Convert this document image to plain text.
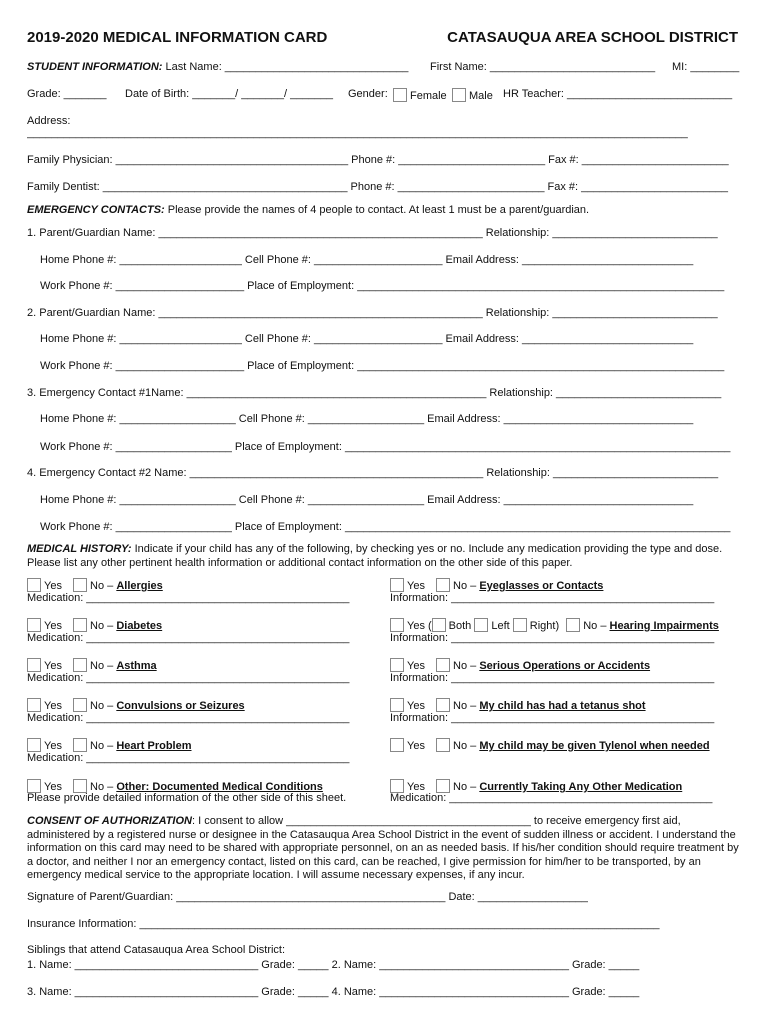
2019-2020 MEDICAL INFORMATION CARD	CATASAUQUA AREA SCHOOL DISTRICT
STUDENT INFORMATION: Last Name: ______________________________ First Name: ___________________________ MI: ________
Grade: _______ Date of Birth: _______/ _______/ _______ Gender:	Female	Male HR Teacher: ___________________________
Address:
____________________________________________________________________________________________________________
Family Physician: ______________________________________ Phone #: ________________________ Fax #: ________________________
Family Dentist: ________________________________________ Phone #: ________________________ Fax #: ________________________
EMERGENCY CONTACTS: Please provide the names of 4 people to contact. At least 1 must be a parent/guardian.
1. Parent/Guardian Name: _____________________________________________________ Relationship: ___________________________
Home Phone #: ____________________ Cell Phone #: _____________________ Email Address: ____________________________
Work Phone #: _____________________ Place of Employment: ____________________________________________________________
2. Parent/Guardian Name: _____________________________________________________ Relationship: ___________________________
Home Phone #: ____________________ Cell Phone #: _____________________ Email Address: ____________________________
Work Phone #: _____________________ Place of Employment: ____________________________________________________________
3. Emergency Contact #1Name: _________________________________________________ Relationship: ___________________________
Home Phone #: ___________________ Cell Phone #: ___________________ Email Address: _______________________________
Work Phone #: ___________________ Place of Employment: _______________________________________________________________
4. Emergency Contact #2 Name: ________________________________________________ Relationship: ___________________________
Home Phone #: ___________________ Cell Phone #: ___________________ Email Address: _______________________________
Work Phone #: ___________________ Place of Employment: _______________________________________________________________
MEDICAL HISTORY: Indicate if your child has any of the following, by checking yes or no. Include any medication providing the type and dose. Please list any other pertinent health information or additional contact information on the other side of this paper.
Yes	No – Allergies
Medication: ___________________________________________
Yes	No – Eyeglasses or Contacts
Information: ___________________________________________
Yes	No – Diabetes
Medication: ___________________________________________
Yes ( Both Left Right) No – Hearing Impairments
Information: ___________________________________________
Yes	No – Asthma
Medication: ___________________________________________
Yes	No – Serious Operations or Accidents
Information: ___________________________________________
Yes	No – Convulsions or Seizures
Medication: ___________________________________________
Yes	No – My child has had a tetanus shot
Information: ___________________________________________
Yes	No – Heart Problem
Medication: ___________________________________________
Yes	No – My child may be given Tylenol when needed
Yes	No – Other: Documented Medical Conditions
Please provide detailed information of the other side of this sheet.
Yes	No – Currently Taking Any Other Medication
Medication: ___________________________________________
CONSENT OF AUTHORIZATION: I consent to allow ________________________________________ to receive emergency first aid, administered by a registered nurse or designee in the Catasauqua Area School District in the event of sudden illness or accident. I understand the information on this card may need to be shared with appropriate personnel, on an as needed basis. If his/her condition should require treatment by a doctor, and neither I nor an emergency contact, listed on this card, can be reached, I give permission for him/her to be transported, by an emergency medical service to the appropriate location. I will assume necessary expenses, if any incur.
Signature of Parent/Guardian: ____________________________________________ Date: __________________
Insurance Information: _____________________________________________________________________________________
Siblings that attend Catasauqua Area School District:
1. Name: ______________________________ Grade: _____ 2. Name: _______________________________ Grade: _____
3. Name: ______________________________ Grade: _____ 4. Name: _______________________________ Grade: _____
